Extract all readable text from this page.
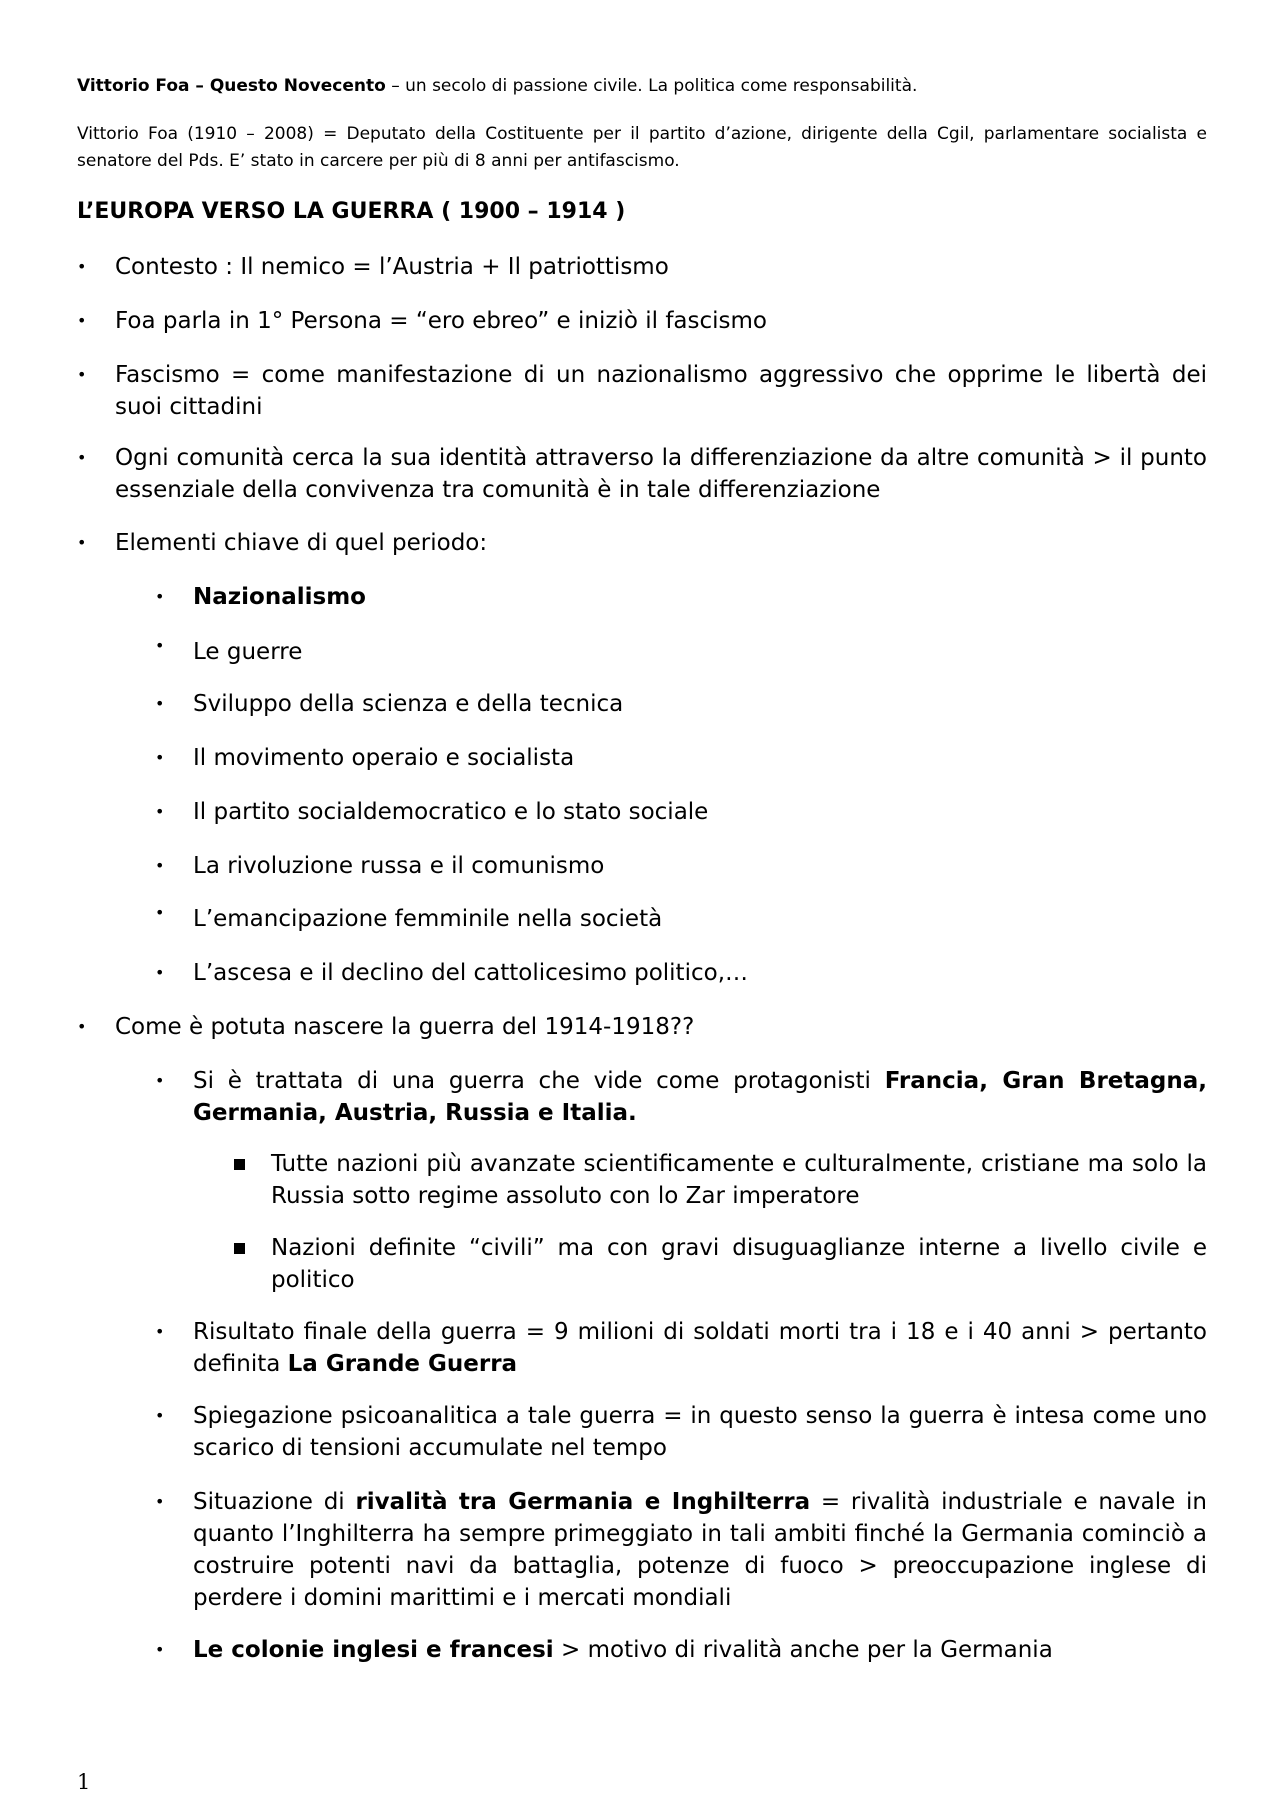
Vittorio Foa – Questo Novecento – un secolo di passione civile. La politica come responsabilità.
Vittorio Foa (1910 – 2008) = Deputato della Costituente per il partito d’azione, dirigente della Cgil, parlamentare socialista e senatore del Pds. E’ stato in carcere per più di 8 anni per antifascismo.
L’EUROPA VERSO LA GUERRA ( 1900 – 1914 )
• Contesto : Il nemico = l’Austria + Il patriottismo
• Foa parla in 1° Persona = “ero ebreo” e iniziò il fascismo
• Fascismo = come manifestazione di un nazionalismo aggressivo che opprime le libertà dei suoi cittadini
• Ogni comunità cerca la sua identità attraverso la differenziazione da altre comunità > il punto essenziale della convivenza tra comunità è in tale differenziazione
• Elementi chiave di quel periodo:
• Nazionalismo
• Le guerre
• Sviluppo della scienza e della tecnica
• Il movimento operaio e socialista
• Il partito socialdemocratico e lo stato sociale
• La rivoluzione russa e il comunismo
• L’emancipazione femminile nella società
• L’ascesa e il declino del cattolicesimo politico,…
• Come è potuta nascere la guerra del 1914-1918??
• Si è trattata di una guerra che vide come protagonisti Francia, Gran Bretagna, Germania, Austria, Russia e Italia.
Tutte nazioni più avanzate scientificamente e culturalmente, cristiane ma solo la Russia sotto regime assoluto con lo Zar imperatore
Nazioni definite “civili” ma con gravi disuguaglianze interne a livello civile e politico
• Risultato finale della guerra = 9 milioni di soldati morti tra i 18 e i 40 anni > pertanto definita La Grande Guerra
• Spiegazione psicoanalitica a tale guerra = in questo senso la guerra è intesa come uno scarico di tensioni accumulate nel tempo
• Situazione di rivalità tra Germania e Inghilterra = rivalità industriale e navale in quanto l’Inghilterra ha sempre primeggiato in tali ambiti finché la Germania cominciò a costruire potenti navi da battaglia, potenze di fuoco > preoccupazione inglese di perdere i domini marittimi e i mercati mondiali
• Le colonie inglesi e francesi > motivo di rivalità anche per la Germania
1
